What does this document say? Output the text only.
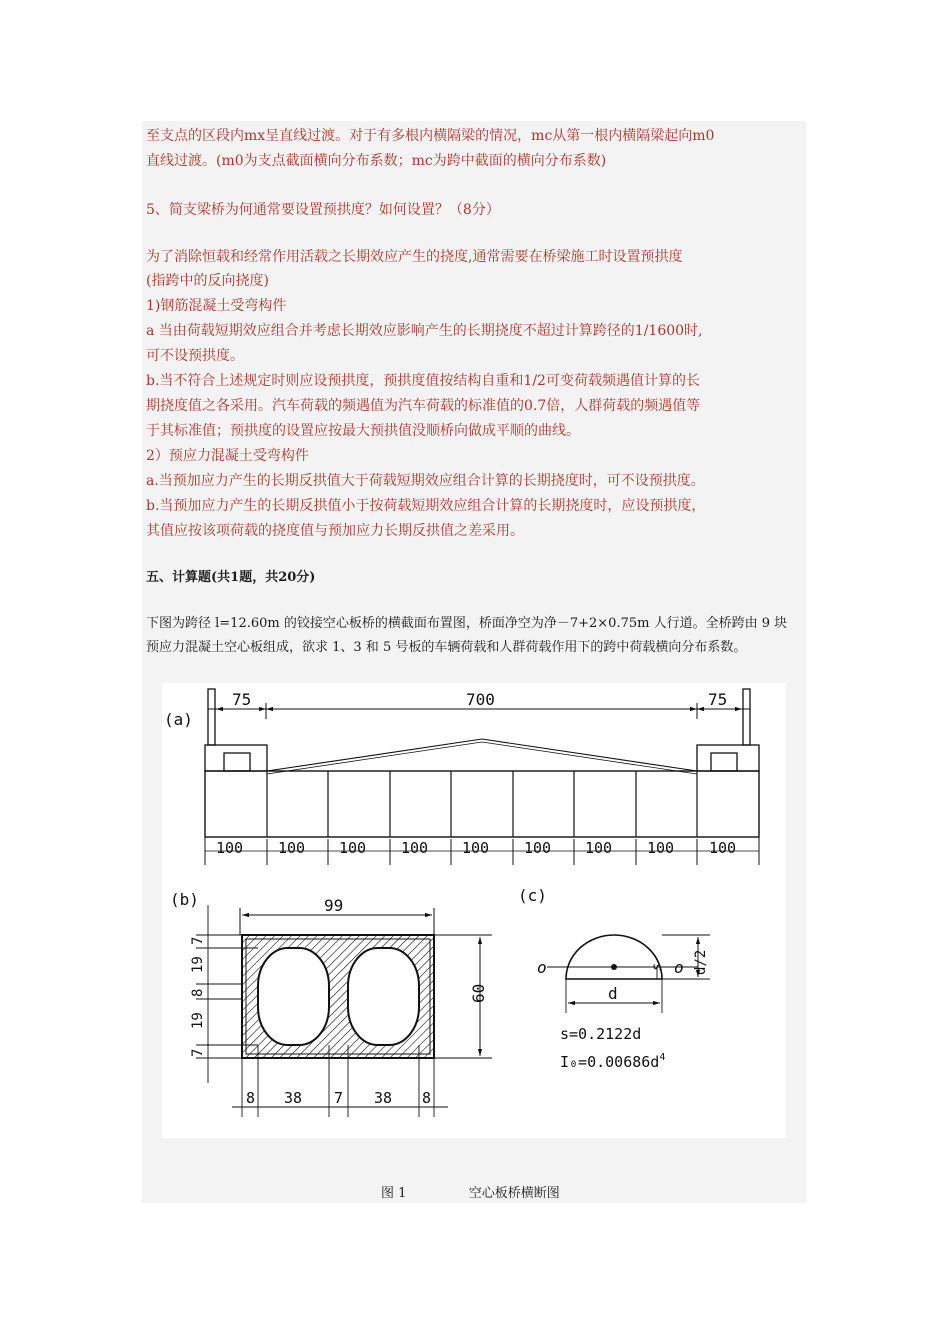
至支点的区段内mx呈直线过渡。对于有多根内横隔梁的情况，mc从第一根内横隔梁起向m0
直线过渡。(m0为支点截面横向分布系数；mc为跨中截面的横向分布系数)
5、简支梁桥为何通常要设置预拱度？如何设置？（8分）
为了消除恒载和经常作用活载之长期效应产生的挠度,通常需要在桥梁施工时设置预拱度
(指跨中的反向挠度)
1)钢筋混凝土受弯构件
a 当由荷载短期效应组合并考虑长期效应影响产生的长期挠度不超过计算跨径的1/1600时,
可不设预拱度。
b.当不符合上述规定时则应设预拱度，预拱度值按结构自重和1/2可变荷载频遇值计算的长
期挠度值之各采用。汽车荷载的频遇值为汽车荷载的标准值的0.7倍，人群荷载的频遇值等
于其标准值；预拱度的设置应按最大预拱值没顺桥向做成平顺的曲线。
2）预应力混凝土受弯构件
a.当预加应力产生的长期反拱值大于荷载短期效应组合计算的长期挠度时，可不设预拱度。
b.当预加应力产生的长期反拱值小于按荷载短期效应组合计算的长期挠度时，应设预拱度，
其值应按该项荷载的挠度值与预加应力长期反拱值之差采用。
五、计算题(共1题，共20分)
下图为跨径 l=12.60m 的铰接空心板桥的横截面布置图，桥面净空为净－7+2×0.75m 人行道。全桥跨由 9 块
预应力混凝土空心板组成，欲求 1、3 和 5 号板的车辆荷载和人群荷载作用下的跨中荷载横向分布系数。
(a)
75	700	75
100 100 100 100 100 100 100 100 100
(b)	99
60
7
19
8
19
7
8 38 7 38 8
(c)
o	o
s d/2
d
s=0.2122d
$I_0=0.00686d^4$
图 1	空心板桥横断图
